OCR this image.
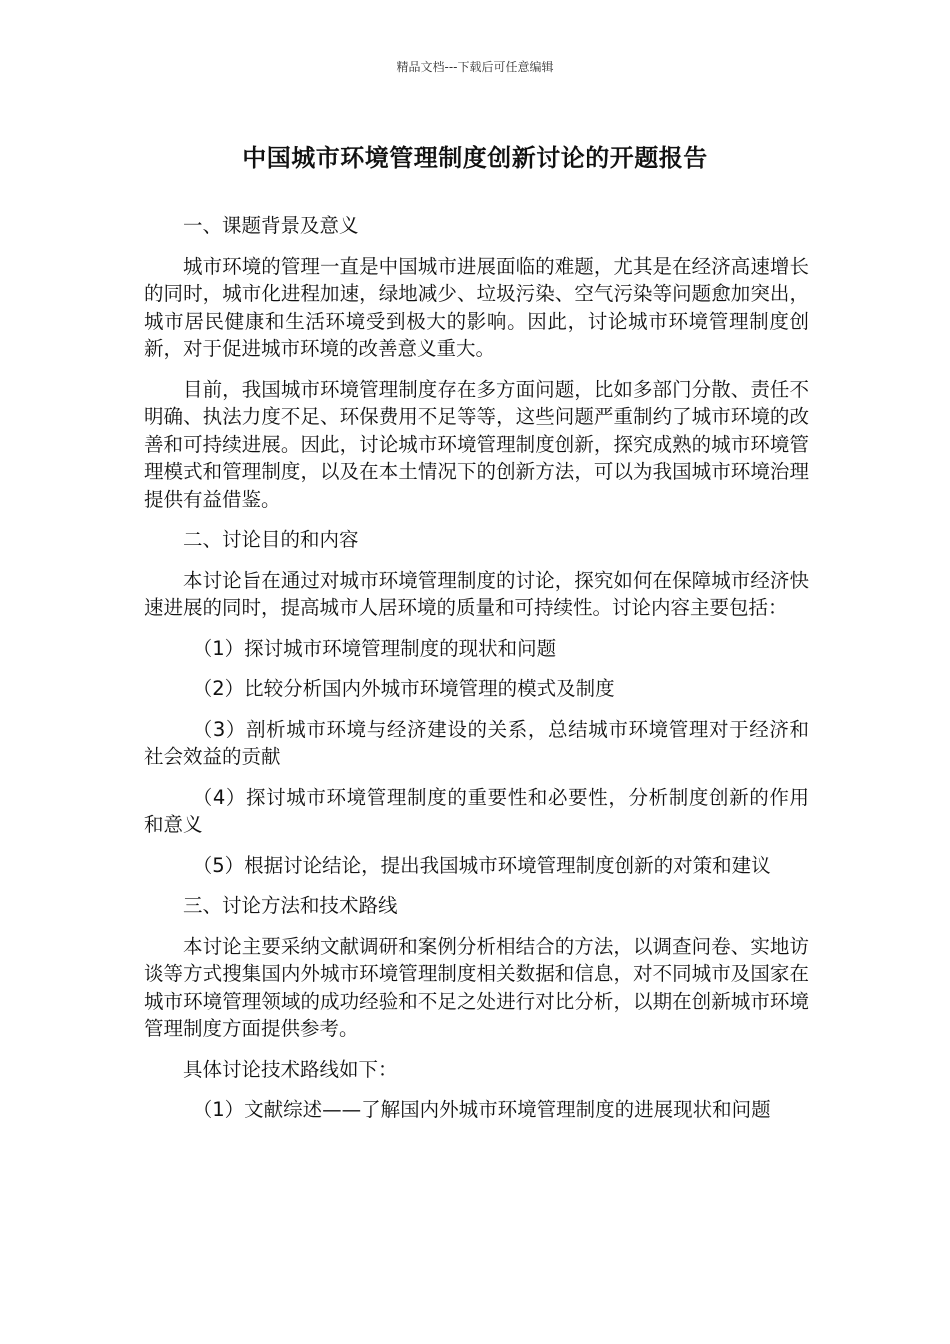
精品文档---下载后可任意编辑
中国城市环境管理制度创新讨论的开题报告

一、课题背景及意义

城市环境的管理一直是中国城市进展面临的难题，尤其是在经济高速增长的同时，城市化进程加速，绿地减少、垃圾污染、空气污染等问题愈加突出，城市居民健康和生活环境受到极大的影响。因此，讨论城市环境管理制度创新，对于促进城市环境的改善意义重大。

目前，我国城市环境管理制度存在多方面问题，比如多部门分散、责任不明确、执法力度不足、环保费用不足等等，这些问题严重制约了城市环境的改善和可持续进展。因此，讨论城市环境管理制度创新，探究成熟的城市环境管理模式和管理制度，以及在本土情况下的创新方法，可以为我国城市环境治理提供有益借鉴。

二、讨论目的和内容

本讨论旨在通过对城市环境管理制度的讨论，探究如何在保障城市经济快速进展的同时，提高城市人居环境的质量和可持续性。讨论内容主要包括：

（1）探讨城市环境管理制度的现状和问题

（2）比较分析国内外城市环境管理的模式及制度

（3）剖析城市环境与经济建设的关系，总结城市环境管理对于经济和社会效益的贡献

（4）探讨城市环境管理制度的重要性和必要性，分析制度创新的作用和意义

（5）根据讨论结论，提出我国城市环境管理制度创新的对策和建议

三、讨论方法和技术路线

本讨论主要采纳文献调研和案例分析相结合的方法，以调查问卷、实地访谈等方式搜集国内外城市环境管理制度相关数据和信息，对不同城市及国家在城市环境管理领域的成功经验和不足之处进行对比分析，以期在创新城市环境管理制度方面提供参考。

具体讨论技术路线如下：

（1）文献综述——了解国内外城市环境管理制度的进展现状和问题
